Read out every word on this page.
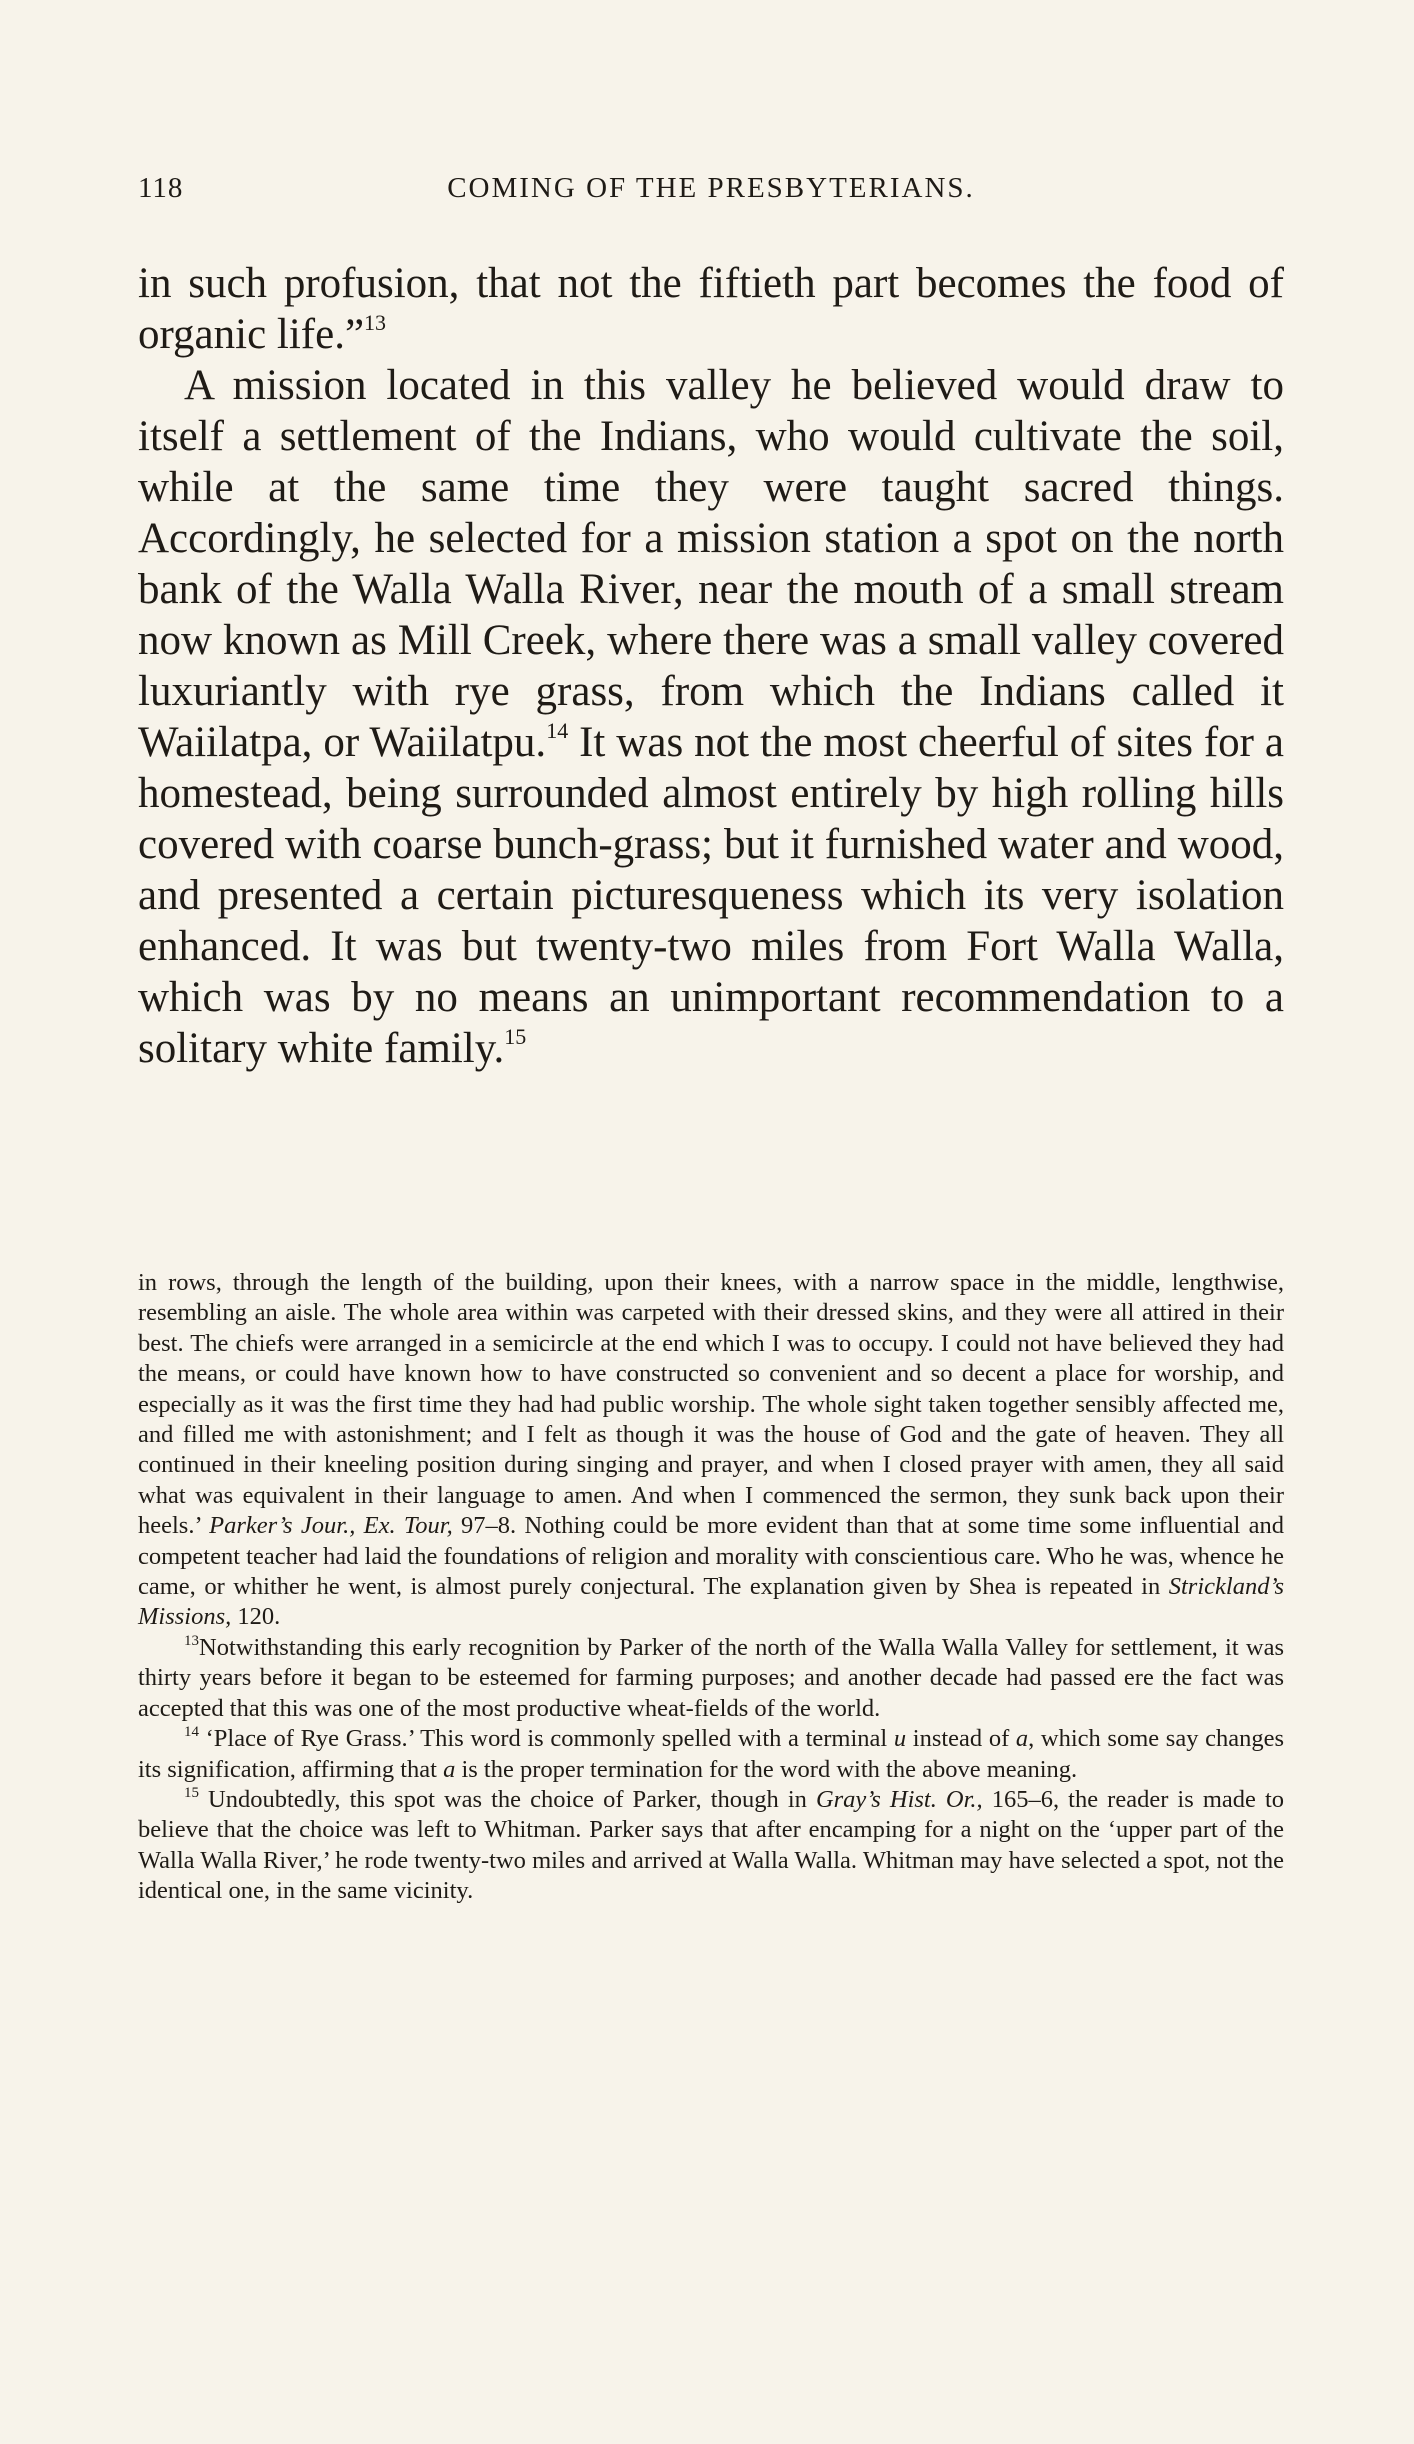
118	COMING OF THE PRESBYTERIANS.

in such profusion, that not the fiftieth part becomes the food of organic life.”$^{13}$

A mission located in this valley he believed would draw to itself a settlement of the Indians, who would cultivate the soil, while at the same time they were taught sacred things. Accordingly, he selected for a mission station a spot on the north bank of the Walla Walla River, near the mouth of a small stream now known as Mill Creek, where there was a small valley covered luxuriantly with rye grass, from which the Indians called it Waiilatpa, or Waiilatpu.$^{14}$ It was not the most cheerful of sites for a homestead, being surrounded almost entirely by high rolling hills covered with coarse bunch-grass; but it furnished water and wood, and presented a certain picturesqueness which its very isolation enhanced. It was but twenty-two miles from Fort Walla Walla, which was by no means an unimportant recommendation to a solitary white family.$^{15}$

in rows, through the length of the building, upon their knees, with a narrow space in the middle, lengthwise, resembling an aisle. The whole area within was carpeted with their dressed skins, and they were all attired in their best. The chiefs were arranged in a semicircle at the end which I was to occupy. I could not have believed they had the means, or could have known how to have constructed so convenient and so decent a place for worship, and especially as it was the first time they had had public worship. The whole sight taken together sensibly affected me, and filled me with astonishment; and I felt as though it was the house of God and the gate of heaven. They all continued in their kneeling position during singing and prayer, and when I closed prayer with amen, they all said what was equivalent in their language to amen. And when I commenced the sermon, they sunk back upon their heels.’ Parker’s Jour., Ex. Tour, 97–8. Nothing could be more evident than that at some time some influential and competent teacher had laid the foundations of religion and morality with conscientious care. Who he was, whence he came, or whither he went, is almost purely conjectural. The explanation given by Shea is repeated in Strickland’s Missions, 120.

$^{13}$Notwithstanding this early recognition by Parker of the north of the Walla Walla Valley for settlement, it was thirty years before it began to be esteemed for farming purposes; and another decade had passed ere the fact was accepted that this was one of the most productive wheat-fields of the world.

$^{14}$ ‘Place of Rye Grass.’ This word is commonly spelled with a terminal u instead of a, which some say changes its signification, affirming that a is the proper termination for the word with the above meaning.

$^{15}$ Undoubtedly, this spot was the choice of Parker, though in Gray’s Hist. Or., 165–6, the reader is made to believe that the choice was left to Whitman. Parker says that after encamping for a night on the ‘upper part of the Walla Walla River,’ he rode twenty-two miles and arrived at Walla Walla. Whitman may have selected a spot, not the identical one, in the same vicinity.
